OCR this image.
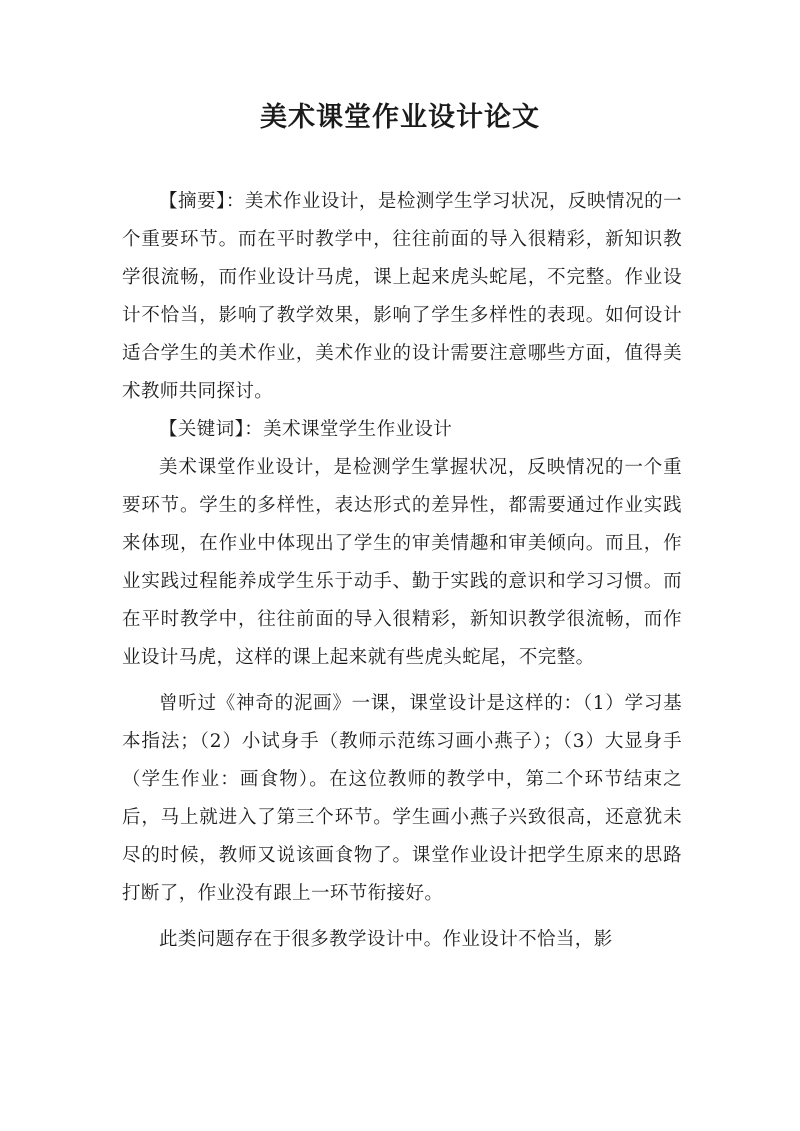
美术课堂作业设计论文

【摘要】：美术作业设计，是检测学生学习状况，反映情况的一个重要环节。而在平时教学中，往往前面的导入很精彩，新知识教学很流畅，而作业设计马虎，课上起来虎头蛇尾，不完整。作业设计不恰当，影响了教学效果，影响了学生多样性的表现。如何设计适合学生的美术作业，美术作业的设计需要注意哪些方面，值得美术教师共同探讨。

【关键词】：美术课堂学生作业设计

美术课堂作业设计，是检测学生掌握状况，反映情况的一个重要环节。学生的多样性，表达形式的差异性，都需要通过作业实践来体现，在作业中体现出了学生的审美情趣和审美倾向。而且，作业实践过程能养成学生乐于动手、勤于实践的意识和学习习惯。而在平时教学中，往往前面的导入很精彩，新知识教学很流畅，而作业设计马虎，这样的课上起来就有些虎头蛇尾，不完整。

曾听过《神奇的泥画》一课，课堂设计是这样的：（1）学习基本指法；（2）小试身手（教师示范练习画小燕子）；（3）大显身手（学生作业：画食物）。在这位教师的教学中，第二个环节结束之后，马上就进入了第三个环节。学生画小燕子兴致很高，还意犹未尽的时候，教师又说该画食物了。课堂作业设计把学生原来的思路打断了，作业没有跟上一环节衔接好。

此类问题存在于很多教学设计中。作业设计不恰当，影
